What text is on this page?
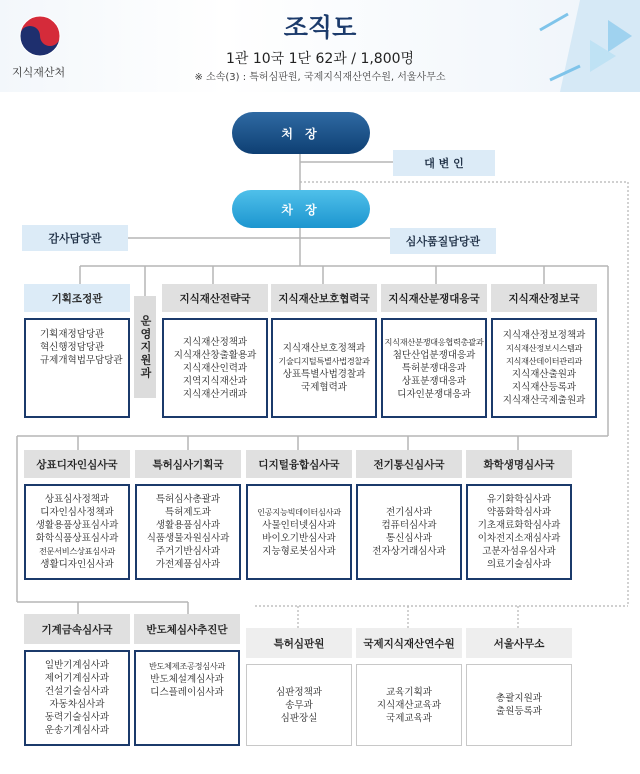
지식재산처
조직도
1관 10국 1단 62과 / 1,800명
※ 소속(3) : 특허심판원, 국제지식재산연수원, 서울사무소
처 장
대 변 인
차 장
감사담당관	심사품질담당관
기획조정관
기획재정담당관
혁신행정담당관
규제개혁법무담당관 운영지원과
지식재산전략국
지식재산정책과
지식재산창출활용과
지식재산인력과
지역지식재산과
지식재산거래과
지식재산보호협력국
지식재산보호정책과
기술디지털특별사법경찰과
상표특별사법경찰과
국제협력과
지식재산분쟁대응국
지식재산분쟁대응협력총괄과
첨단산업분쟁대응과
특허분쟁대응과
상표분쟁대응과
디자인분쟁대응과
지식재산정보국
지식재산정보정책과
지식재산정보시스템과
지식재산데이터관리과
지식재산출원과
지식재산등록과
지식재산국제출원과
상표디자인심사국
상표심사정책과
디자인심사정책과
생활용품상표심사과
화학식품상표심사과
전문서비스상표심사과
생활디자인심사과
특허심사기획국
특허심사총괄과
특허제도과
생활용품심사과
식품생물자원심사과
주거기반심사과
가전제품심사과
디지털융합심사국
인공지능빅데이터심사과
사물인터넷심사과
바이오기반심사과
지능형로봇심사과
전기통신심사국
전기심사과
컴퓨터심사과
통신심사과
전자상거래심사과
화학생명심사국
유기화학심사과
약품화학심사과
기초재료화학심사과
이차전지소재심사과
고분자섬유심사과
의료기술심사과
기계금속심사국
일반기계심사과
제어기계심사과
건설기술심사과
자동차심사과
동력기술심사과
운송기계심사과
반도체심사추진단
반도체제조공정심사과
반도체설계심사과
디스플레이심사과
특허심판원
심판정책과
송무과
심판장실
국제지식재산연수원
교육기획과
지식재산교육과
국제교육과
서울사무소
총괄지원과
출원등록과
